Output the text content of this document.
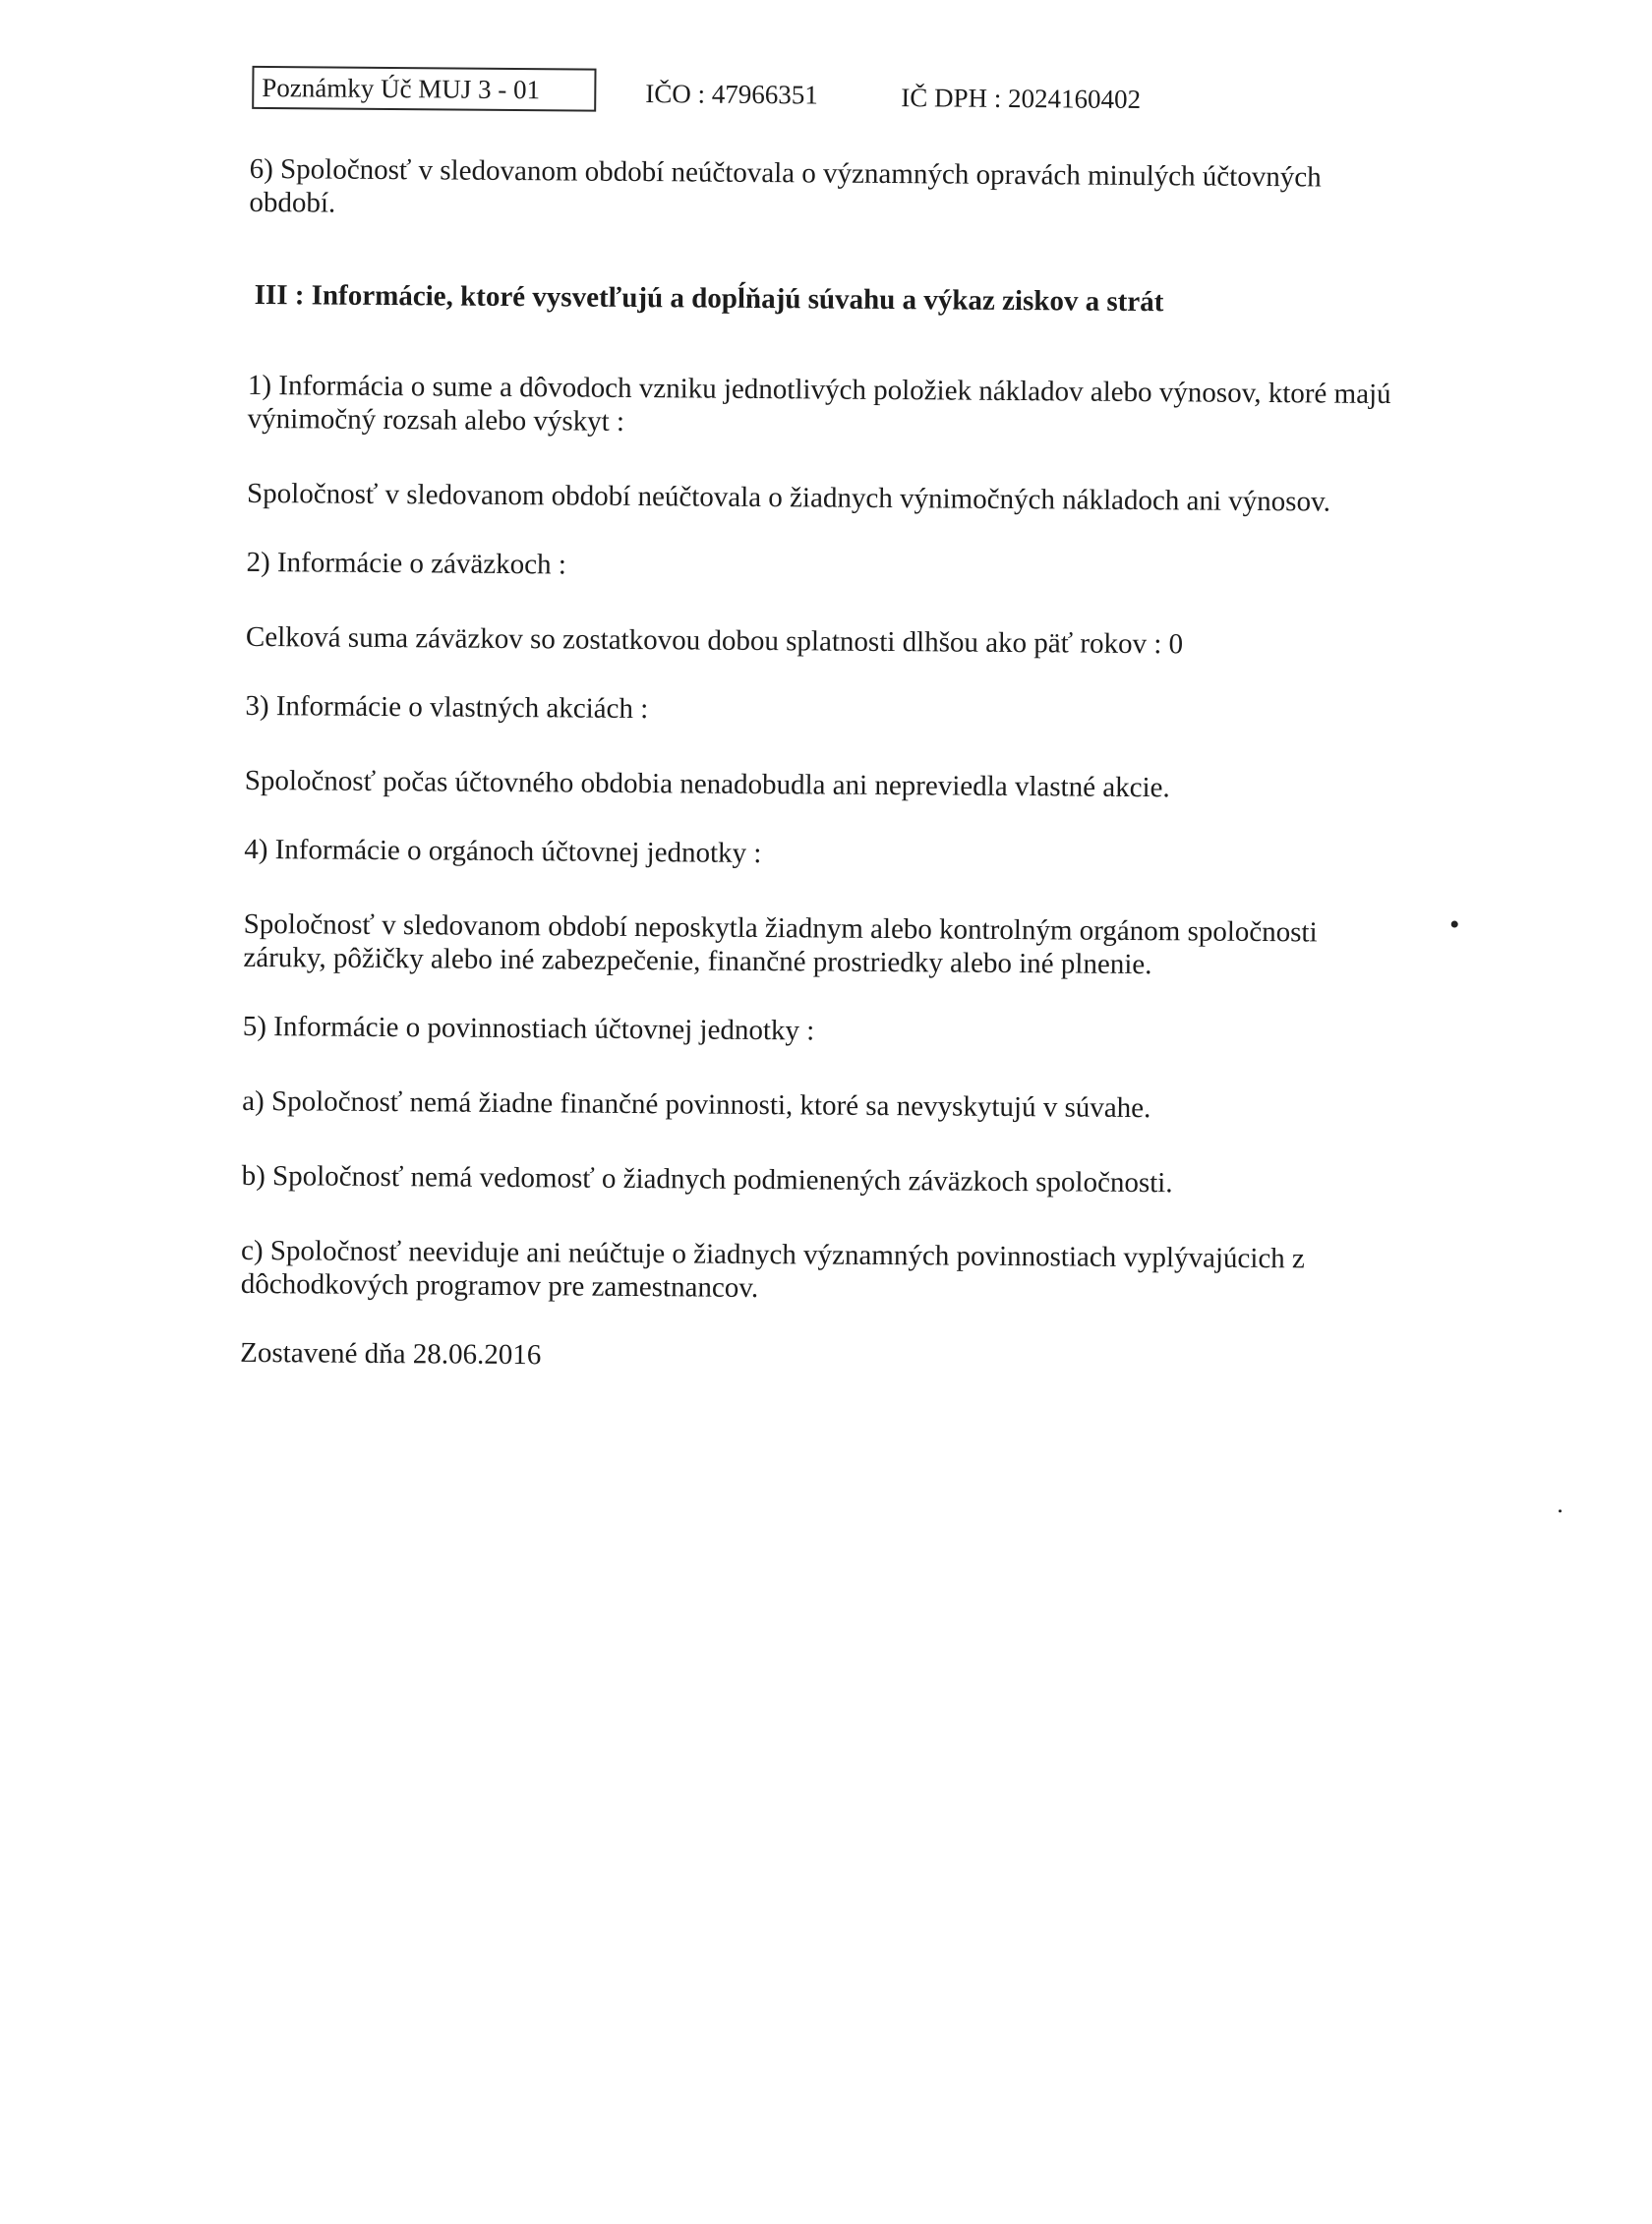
Poznámky Úč MUJ 3 - 01	IČO : 47966351	IČ DPH : 2024160402

6) Spoločnosť v sledovanom období neúčtovala o významných opravách minulých účtovných období.

III : Informácie, ktoré vysvetľujú a dopĺňajú súvahu a výkaz ziskov a strát

1) Informácia o sume a dôvodoch vzniku jednotlivých položiek nákladov alebo výnosov, ktoré majú výnimočný rozsah alebo výskyt :

Spoločnosť v sledovanom období neúčtovala o žiadnych výnimočných nákladoch ani výnosov.

2) Informácie o záväzkoch :

Celková suma záväzkov so zostatkovou dobou splatnosti dlhšou ako päť rokov : 0

3) Informácie o vlastných akciách :

Spoločnosť počas účtovného obdobia nenadobudla ani nepreviedla vlastné akcie.

4) Informácie o orgánoch účtovnej jednotky :

Spoločnosť v sledovanom období neposkytla žiadnym alebo kontrolným orgánom spoločnosti záruky, pôžičky alebo iné zabezpečenie, finančné prostriedky alebo iné plnenie.

5) Informácie o povinnostiach účtovnej jednotky :

a) Spoločnosť nemá žiadne finančné povinnosti, ktoré sa nevyskytujú v súvahe.

b) Spoločnosť nemá vedomosť o žiadnych podmienených záväzkoch spoločnosti.

c) Spoločnosť neeviduje ani neúčtuje o žiadnych významných povinnostiach vyplývajúcich z dôchodkových programov pre zamestnancov.

Zostavené dňa 28.06.2016
